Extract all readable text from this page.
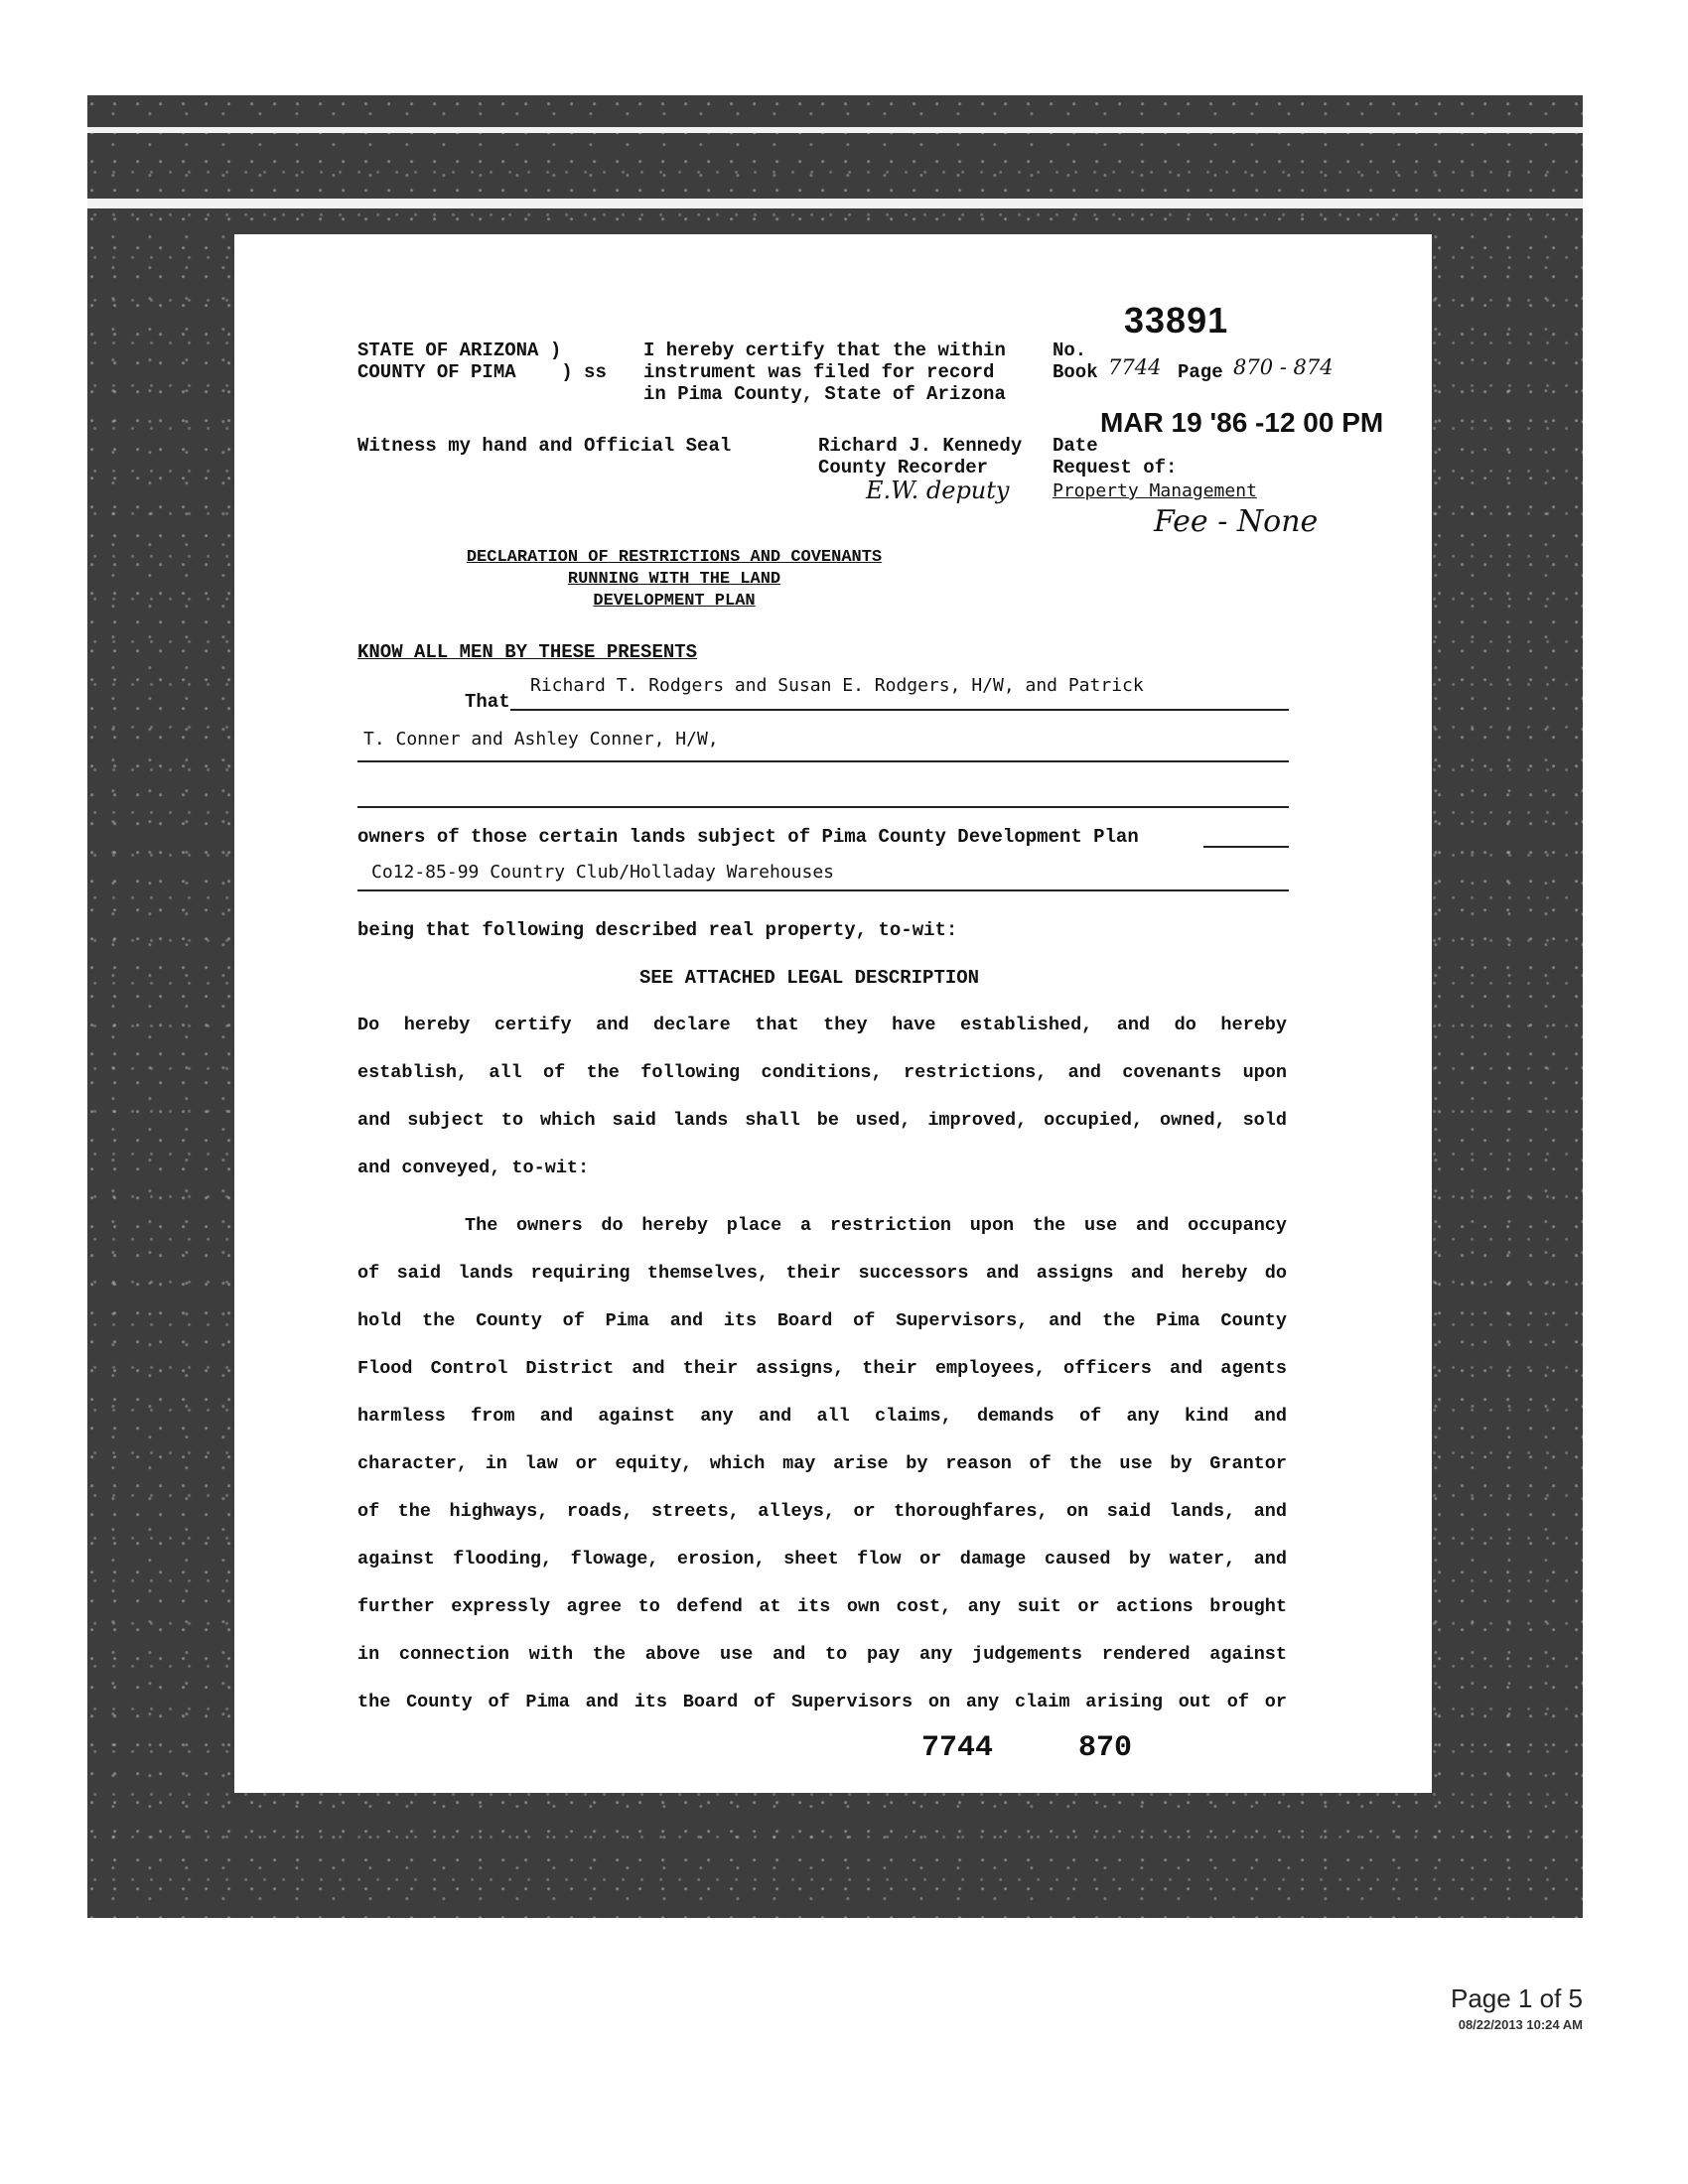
STATE OF ARIZONA )
COUNTY OF PIMA    ) ss
I hereby certify that the within
instrument was filed for record
in Pima County, State of Arizona
Witness my hand and Official Seal	Richard J. Kennedy
County Recorder
E.W. deputy
33891
No.
Book 7744 Page 870 - 874
MAR 19 '86 -12 00 PM
Date
Request of:
Property Management
Fee - None
DECLARATION OF RESTRICTIONS AND COVENANTS
RUNNING WITH THE LAND
DEVELOPMENT PLAN
KNOW ALL MEN BY THESE PRESENTS
That
Richard T. Rodgers and Susan E. Rodgers, H/W, and Patrick
T. Conner and Ashley Conner, H/W,
owners of those certain lands subject of Pima County Development Plan
Co12-85-99 Country Club/Holladay Warehouses
being that following described real property, to-wit:
SEE ATTACHED LEGAL DESCRIPTION
Do hereby certify and declare that they have established, and do hereby
establish, all of the following conditions, restrictions, and covenants upon
and subject to which said lands shall be used, improved, occupied, owned, sold
and conveyed, to-wit:
The owners do hereby place a restriction upon the use and occupancy
of said lands requiring themselves, their successors and assigns and hereby do
hold the County of Pima and its Board of Supervisors, and the Pima County
Flood Control District and their assigns, their employees, officers and agents
harmless from and against any and all claims, demands of any kind and
character, in law or equity, which may arise by reason of the use by Grantor
of the highways, roads, streets, alleys, or thoroughfares, on said lands, and
against flooding, flowage, erosion, sheet flow or damage caused by water, and
further expressly agree to defend at its own cost, any suit or actions brought
in connection with the above use and to pay any judgements rendered against
the County of Pima and its Board of Supervisors on any claim arising out of or
7744	870
Page 1 of 5
08/22/2013 10:24 AM
